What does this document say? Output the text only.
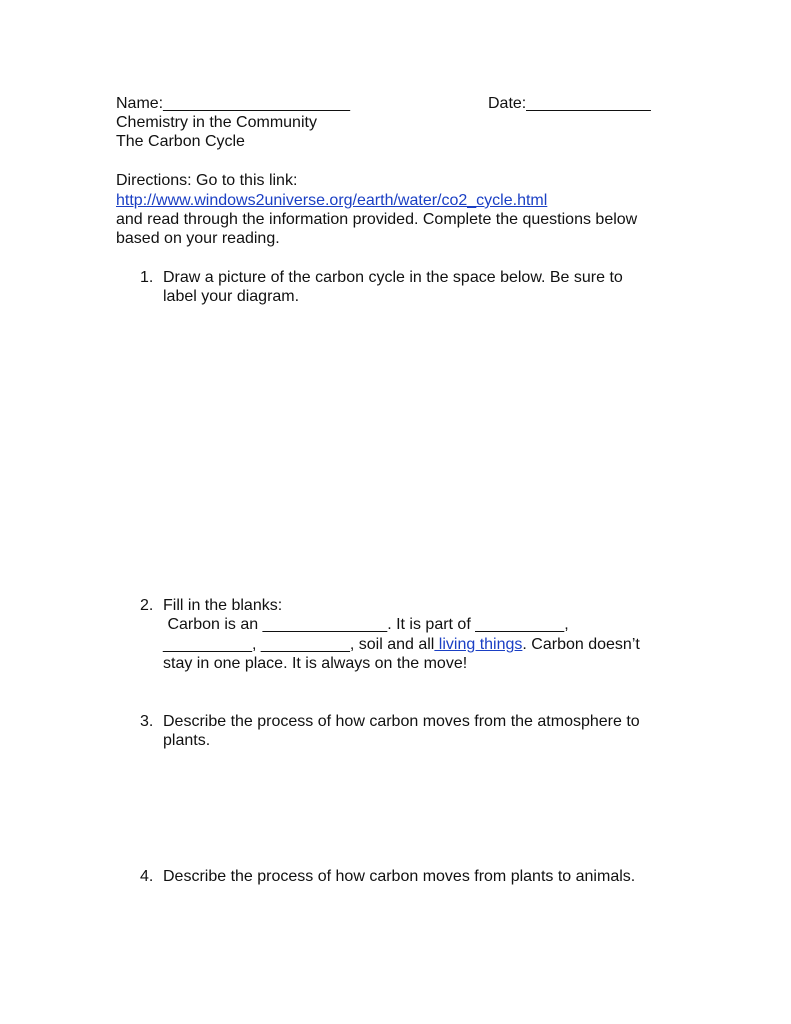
Name:_____________________	Date:______________
Chemistry in the Community
The Carbon Cycle
Directions: Go to this link:
http://www.windows2universe.org/earth/water/co2_cycle.html
and read through the information provided. Complete the questions below
based on your reading.
1. Draw a picture of the carbon cycle in the space below. Be sure to
label your diagram.
2. Fill in the blanks:
Carbon is an ______________. It is part of __________,
__________, __________, soil and all living things. Carbon doesn’t
stay in one place. It is always on the move!
3. Describe the process of how carbon moves from the atmosphere to
plants.
4. Describe the process of how carbon moves from plants to animals.
